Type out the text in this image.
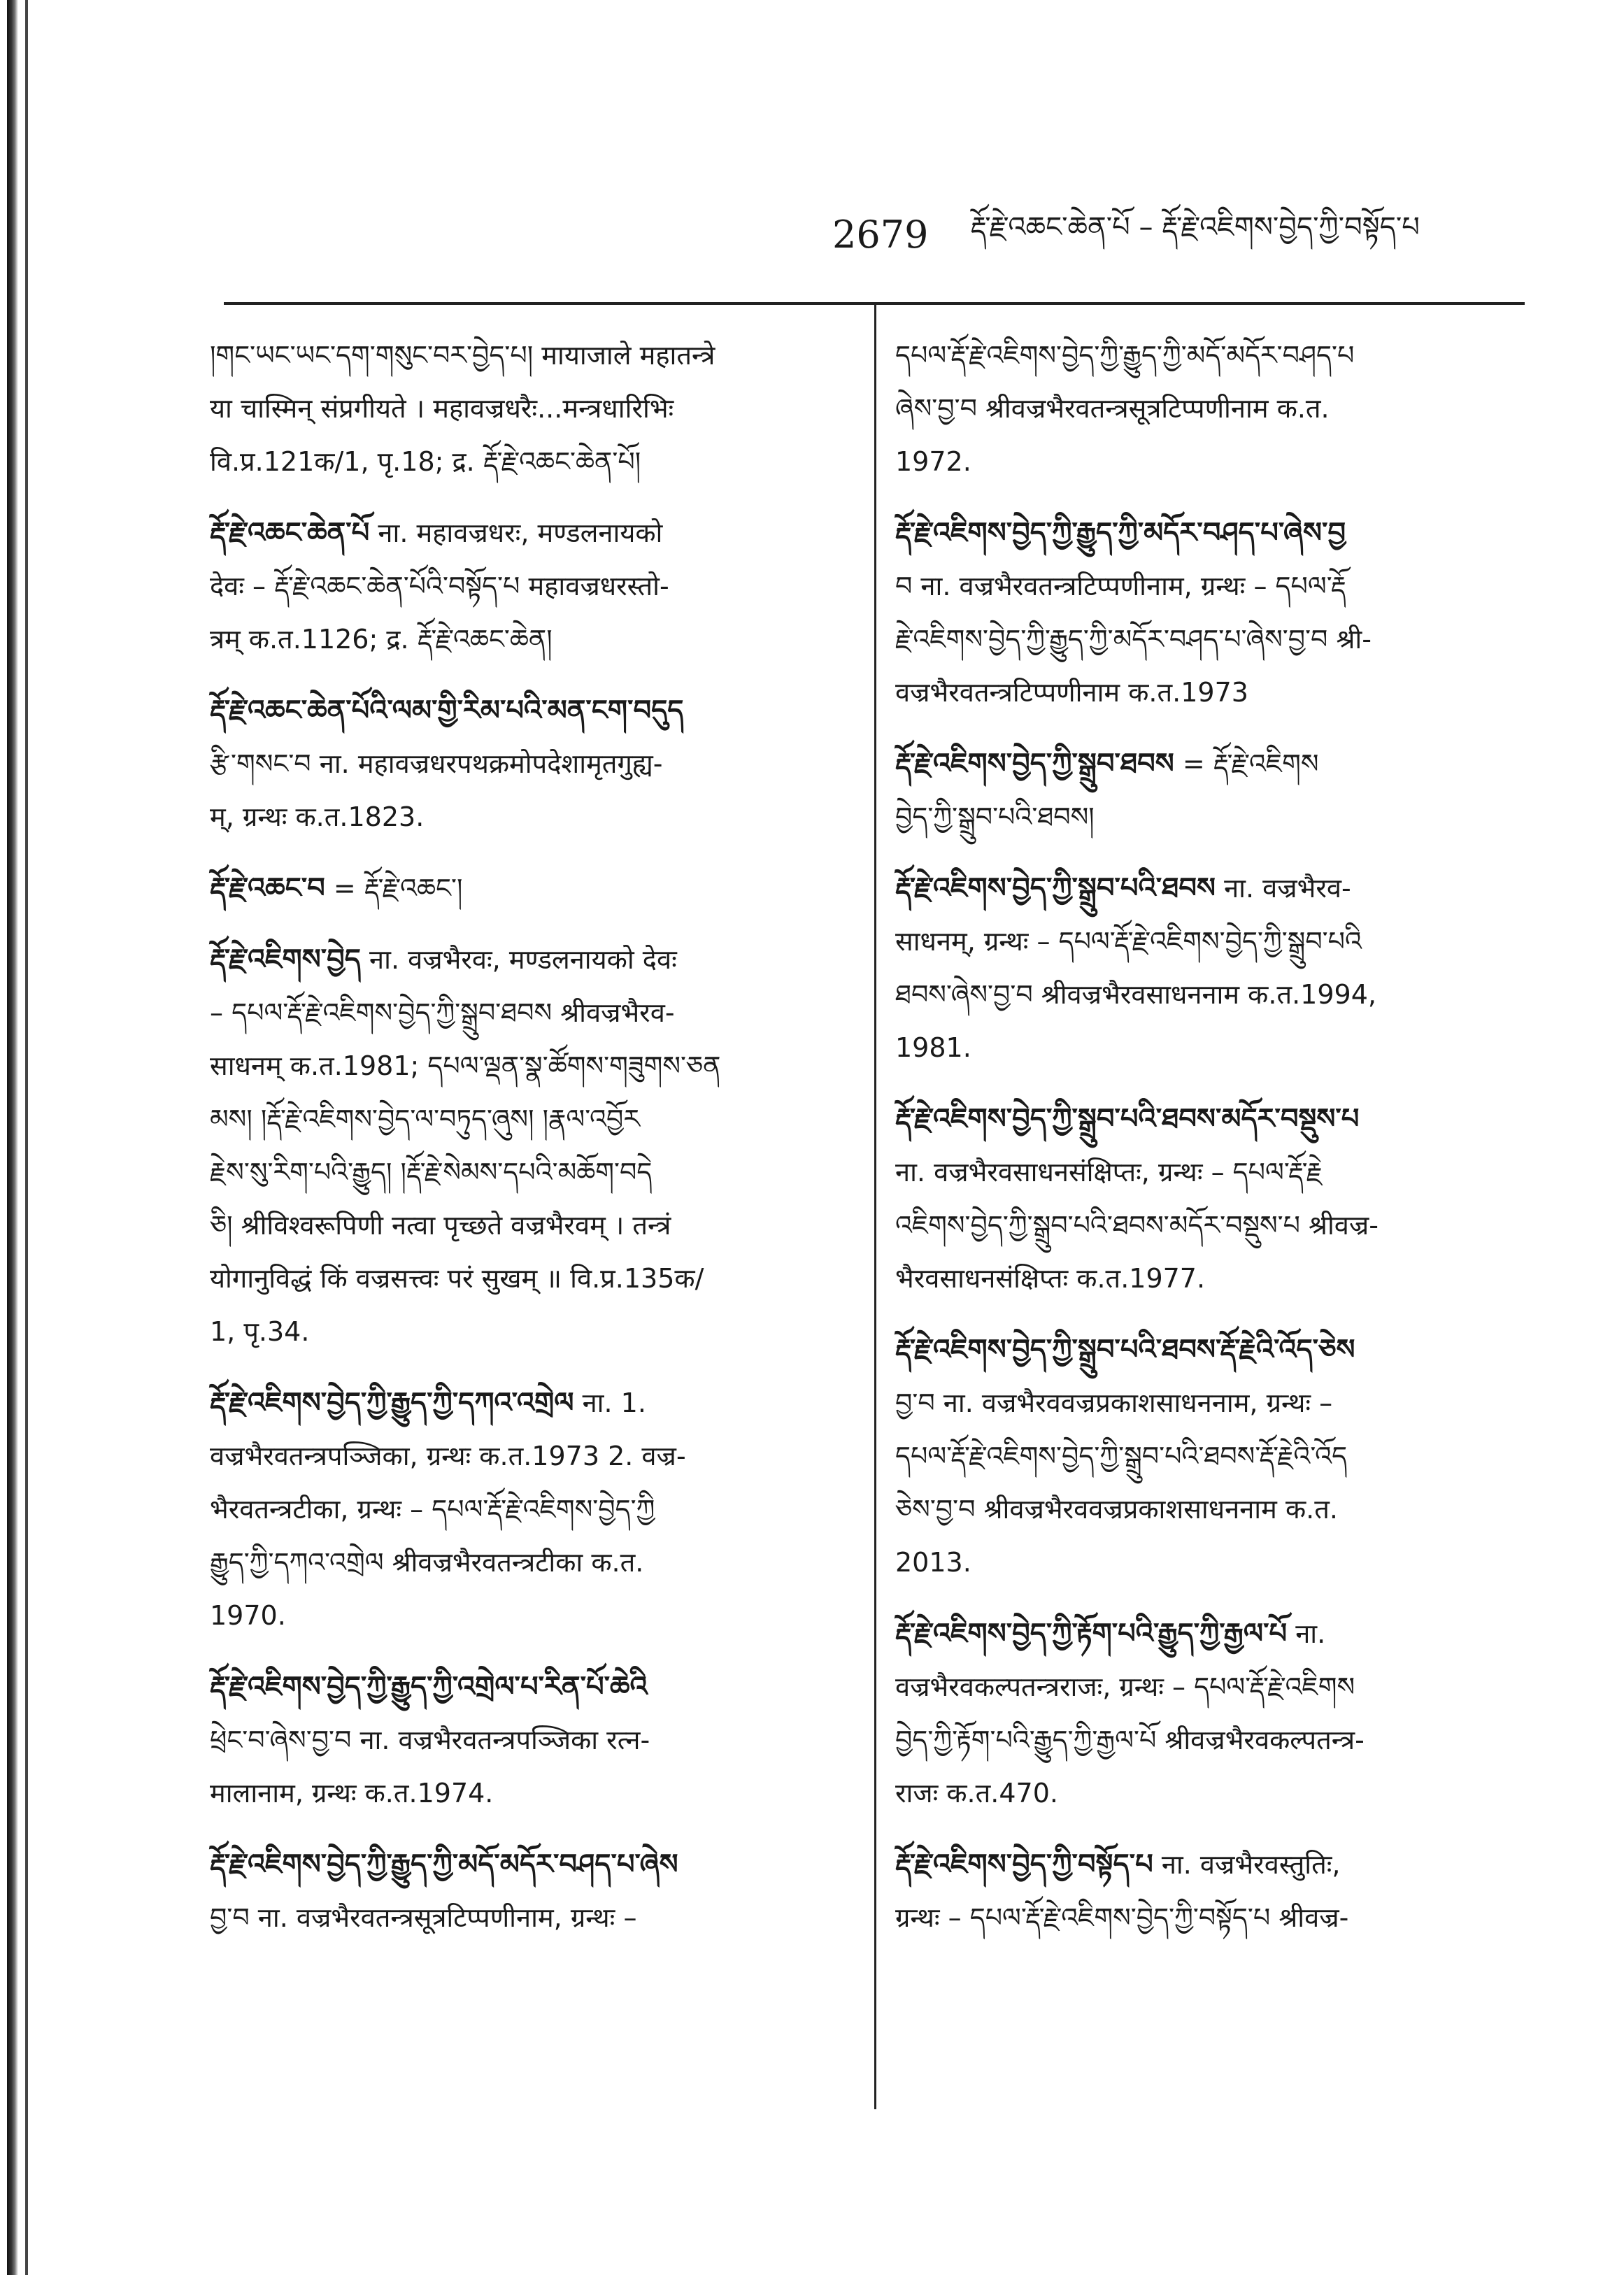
2679 རྡོ་རྗེ་འཆང་ཆེན་པོ – རྡོ་རྗེ་འཇིགས་བྱེད་ཀྱི་བསྟོད་པ
།གང་ཡང་ཡང་དག་གསུང་བར་བྱེད་པ། मायाजाले महातन्त्रे
या चास्मिन् संप्रगीयते । महावज्रधरैः...मन्त्रधारिभिः
वि.प्र.121क/1, पृ.18; द्र. རྡོ་རྗེ་འཆང་ཆེན་པོ།
རྡོ་རྗེ་འཆང་ཆེན་པོ ना. महावज्रधरः, मण्डलनायको
देवः – རྡོ་རྗེ་འཆང་ཆེན་པོའི་བསྟོད་པ महावज्रधरस्तो-
त्रम् क.त.1126; द्र. རྡོ་རྗེ་འཆང་ཆེན།
རྡོ་རྗེ་འཆང་ཆེན་པོའི་ལམ་གྱི་རིམ་པའི་མན་ངག་བདུད
རྩི་གསང་བ ना. महावज्रधरपथक्रमोपदेशामृतगुह्य-
म्, ग्रन्थः क.त.1823.
རྡོ་རྗེ་འཆང་བ = རྡོ་རྗེ་འཆང་།
རྡོ་རྗེ་འཇིགས་བྱེད ना. वज्रभैरवः, मण्डलनायको देवः
– དཔལ་རྡོ་རྗེ་འཇིགས་བྱེད་ཀྱི་སྒྲུབ་ཐབས श्रीवज्रभैरव-
साधनम् क.त.1981; དཔལ་ལྡན་སྣ་ཚོགས་གཟུགས་ཅན
མས། །རྡོ་རྗེ་འཇིགས་བྱེད་ལ་བཏུད་ཞུས། །རྣལ་འབྱོར
རྗེས་སུ་རིག་པའི་རྒྱུད། །རྡོ་རྗེ་སེམས་དཔའི་མཆོག་བདེ
ཅི། श्रीविश्वरूपिणी नत्वा पृच्छते वज्रभैरवम् । तन्त्रं
योगानुविद्धं किं वज्रसत्त्वः परं सुखम् ॥ वि.प्र.135क/
1, पृ.34.
རྡོ་རྗེ་འཇིགས་བྱེད་ཀྱི་རྒྱུད་ཀྱི་དཀའ་འགྲེལ ना. 1.
वज्रभैरवतन्त्रपञ्जिका, ग्रन्थः क.त.1973 2. वज्र-
भैरवतन्त्रटीका, ग्रन्थः – དཔལ་རྡོ་རྗེ་འཇིགས་བྱེད་ཀྱི
རྒྱུད་ཀྱི་དཀའ་འགྲེལ श्रीवज्रभैरवतन्त्रटीका क.त.
1970.
རྡོ་རྗེ་འཇིགས་བྱེད་ཀྱི་རྒྱུད་ཀྱི་འགྲེལ་པ་རིན་པོ་ཆེའི
ཕྲེང་བ་ཞེས་བྱ་བ ना. वज्रभैरवतन्त्रपञ्जिका रत्न-
मालानाम, ग्रन्थः क.त.1974.
རྡོ་རྗེ་འཇིགས་བྱེད་ཀྱི་རྒྱུད་ཀྱི་མདོ་མདོར་བཤད་པ་ཞེས
བྱ་བ ना. वज्रभैरवतन्त्रसूत्रटिप्पणीनाम, ग्रन्थः –
དཔལ་རྡོ་རྗེ་འཇིགས་བྱེད་ཀྱི་རྒྱུད་ཀྱི་མདོ་མདོར་བཤད་པ
ཞེས་བྱ་བ श्रीवज्रभैरवतन्त्रसूत्रटिप्पणीनाम क.त.
1972.
རྡོ་རྗེ་འཇིགས་བྱེད་ཀྱི་རྒྱུད་ཀྱི་མདོར་བཤད་པ་ཞེས་བྱ
བ ना. वज्रभैरवतन्त्रटिप्पणीनाम, ग्रन्थः – དཔལ་རྡོ
རྗེ་འཇིགས་བྱེད་ཀྱི་རྒྱུད་ཀྱི་མདོར་བཤད་པ་ཞེས་བྱ་བ श्री-
वज्रभैरवतन्त्रटिप्पणीनाम क.त.1973
རྡོ་རྗེ་འཇིགས་བྱེད་ཀྱི་སྒྲུབ་ཐབས = རྡོ་རྗེ་འཇིགས
བྱེད་ཀྱི་སྒྲུབ་པའི་ཐབས།
རྡོ་རྗེ་འཇིགས་བྱེད་ཀྱི་སྒྲུབ་པའི་ཐབས ना. वज्रभैरव-
साधनम्, ग्रन्थः – དཔལ་རྡོ་རྗེ་འཇིགས་བྱེད་ཀྱི་སྒྲུབ་པའི
ཐབས་ཞེས་བྱ་བ श्रीवज्रभैरवसाधननाम क.त.1994,
1981.
རྡོ་རྗེ་འཇིགས་བྱེད་ཀྱི་སྒྲུབ་པའི་ཐབས་མདོར་བསྡུས་པ
ना. वज्रभैरवसाधनसंक्षिप्तः, ग्रन्थः – དཔལ་རྡོ་རྗེ
འཇིགས་བྱེད་ཀྱི་སྒྲུབ་པའི་ཐབས་མདོར་བསྡུས་པ श्रीवज्र-
भैरवसाधनसंक्षिप्तः क.त.1977.
རྡོ་རྗེ་འཇིགས་བྱེད་ཀྱི་སྒྲུབ་པའི་ཐབས་རྡོ་རྗེའི་འོད་ཅེས
བྱ་བ ना. वज्रभैरववज्रप्रकाशसाधननाम, ग्रन्थः –
དཔལ་རྡོ་རྗེ་འཇིགས་བྱེད་ཀྱི་སྒྲུབ་པའི་ཐབས་རྡོ་རྗེའི་འོད
ཅེས་བྱ་བ श्रीवज्रभैरववज्रप्रकाशसाधननाम क.त.
2013.
རྡོ་རྗེ་འཇིགས་བྱེད་ཀྱི་རྟོག་པའི་རྒྱུད་ཀྱི་རྒྱལ་པོ ना.
वज्रभैरवकल्पतन्त्रराजः, ग्रन्थः – དཔལ་རྡོ་རྗེ་འཇིགས
བྱེད་ཀྱི་རྟོག་པའི་རྒྱུད་ཀྱི་རྒྱལ་པོ श्रीवज्रभैरवकल्पतन्त्र-
राजः क.त.470.
རྡོ་རྗེ་འཇིགས་བྱེད་ཀྱི་བསྟོད་པ ना. वज्रभैरवस्तुतिः,
ग्रन्थः – དཔལ་རྡོ་རྗེ་འཇིགས་བྱེད་ཀྱི་བསྟོད་པ श्रीवज्र-
